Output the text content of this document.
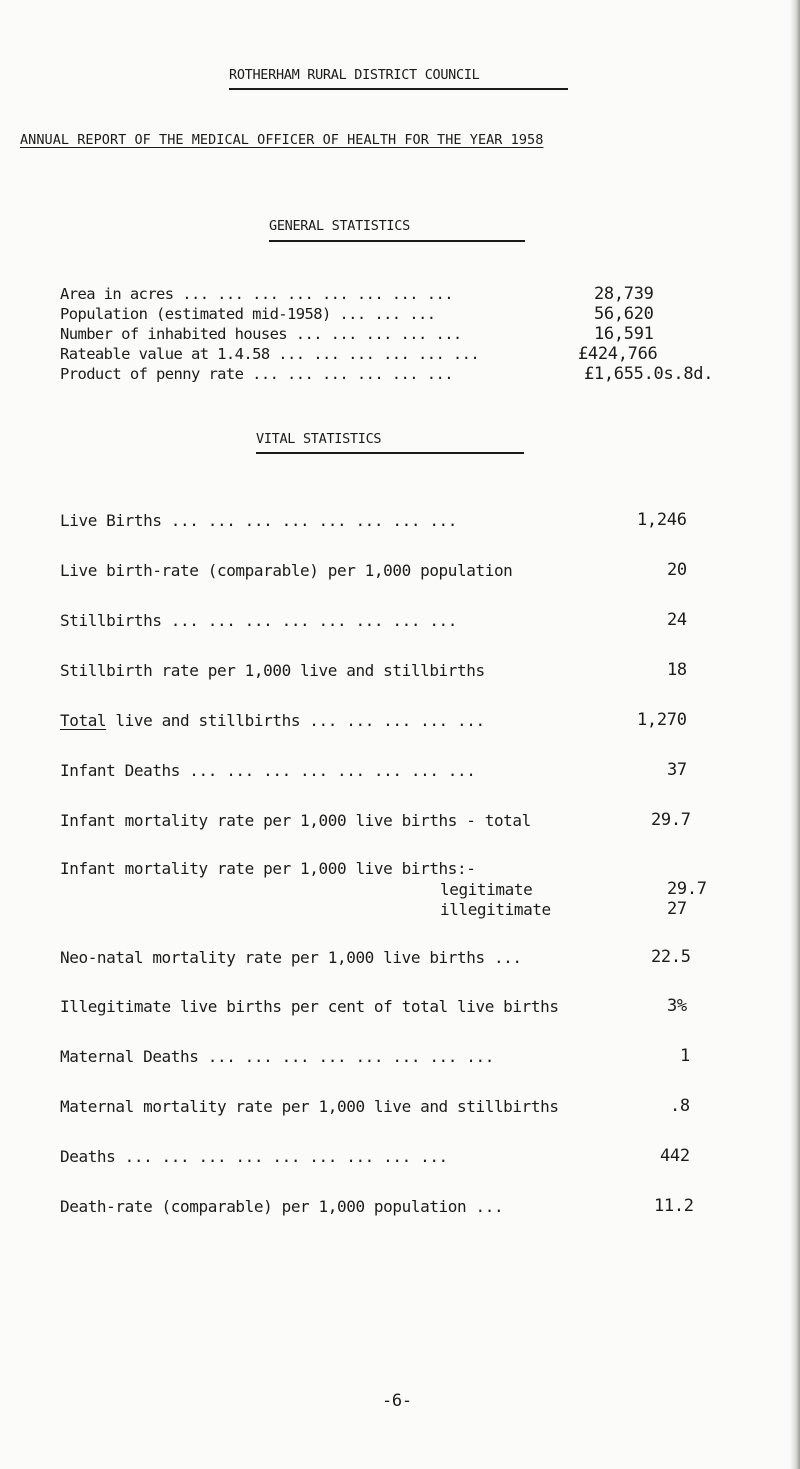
ROTHERHAM RURAL DISTRICT COUNCIL
ANNUAL REPORT OF THE MEDICAL OFFICER OF HEALTH FOR THE YEAR 1958
GENERAL STATISTICS
Area in acres ... ... ... ... ... ... ... ...	28,739
Population (estimated mid-1958) ... ... ...	56,620
Number of inhabited houses ... ... ... ... ...	16,591
Rateable value at 1.4.58 ... ... ... ... ... ...	£424,766
Product of penny rate ... ... ... ... ... ...	£1,655.0s.8d.
VITAL STATISTICS
Live Births ... ... ... ... ... ... ... ...	1,246
Live birth-rate (comparable) per 1,000 population	20
Stillbirths ... ... ... ... ... ... ... ...	24
Stillbirth rate per 1,000 live and stillbirths	18
Total live and stillbirths ... ... ... ... ...	1,270
Infant Deaths ... ... ... ... ... ... ... ...	37
Infant mortality rate per 1,000 live births - total	29.7
Infant mortality rate per 1,000 live births:-
legitimate	29.7
illegitimate	27
Neo-natal mortality rate per 1,000 live births ...	22.5
Illegitimate live births per cent of total live births	3%
Maternal Deaths ... ... ... ... ... ... ... ...	1
Maternal mortality rate per 1,000 live and stillbirths	.8
Deaths ... ... ... ... ... ... ... ... ...	442
Death-rate (comparable) per 1,000 population ...	11.2
-6-
